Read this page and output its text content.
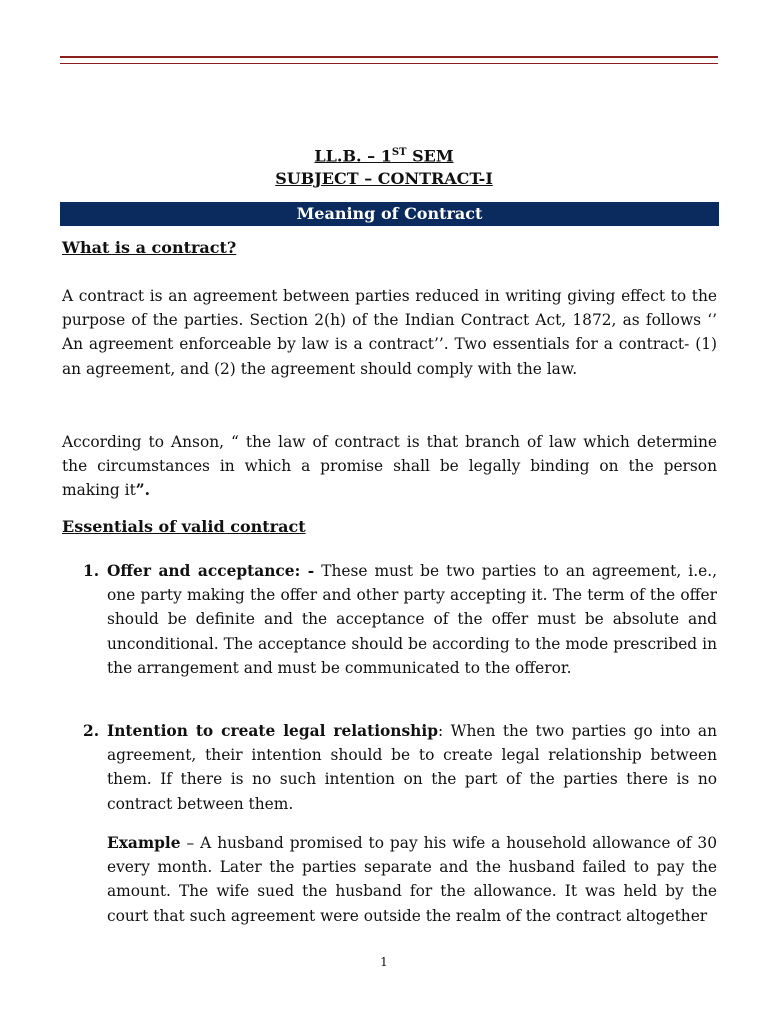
LL.B. – 1ST SEM
SUBJECT – CONTRACT-I
Meaning of Contract
What is a contract?
A contract is an agreement between parties reduced in writing giving effect to the purpose of the parties. Section 2(h) of the Indian Contract Act, 1872, as follows ‘’ An agreement enforceable by law is a contract’’. Two essentials for a contract- (1) an agreement, and (2) the agreement should comply with the law.
According to Anson, “ the law of contract is that branch of law which determine the circumstances in which a promise shall be legally binding on the person making it”.
Essentials of valid contract
1. Offer and acceptance: - These must be two parties to an agreement, i.e., one party making the offer and other party accepting it. The term of the offer should be definite and the acceptance of the offer must be absolute and unconditional. The acceptance should be according to the mode prescribed in the arrangement and must be communicated to the offeror.
2. Intention to create legal relationship: When the two parties go into an agreement, their intention should be to create legal relationship between them. If there is no such intention on the part of the parties there is no contract between them.
Example – A husband promised to pay his wife a household allowance of 30 every month. Later the parties separate and the husband failed to pay the amount. The wife sued the husband for the allowance. It was held by the court that such agreement were outside the realm of the contract altogether
1
